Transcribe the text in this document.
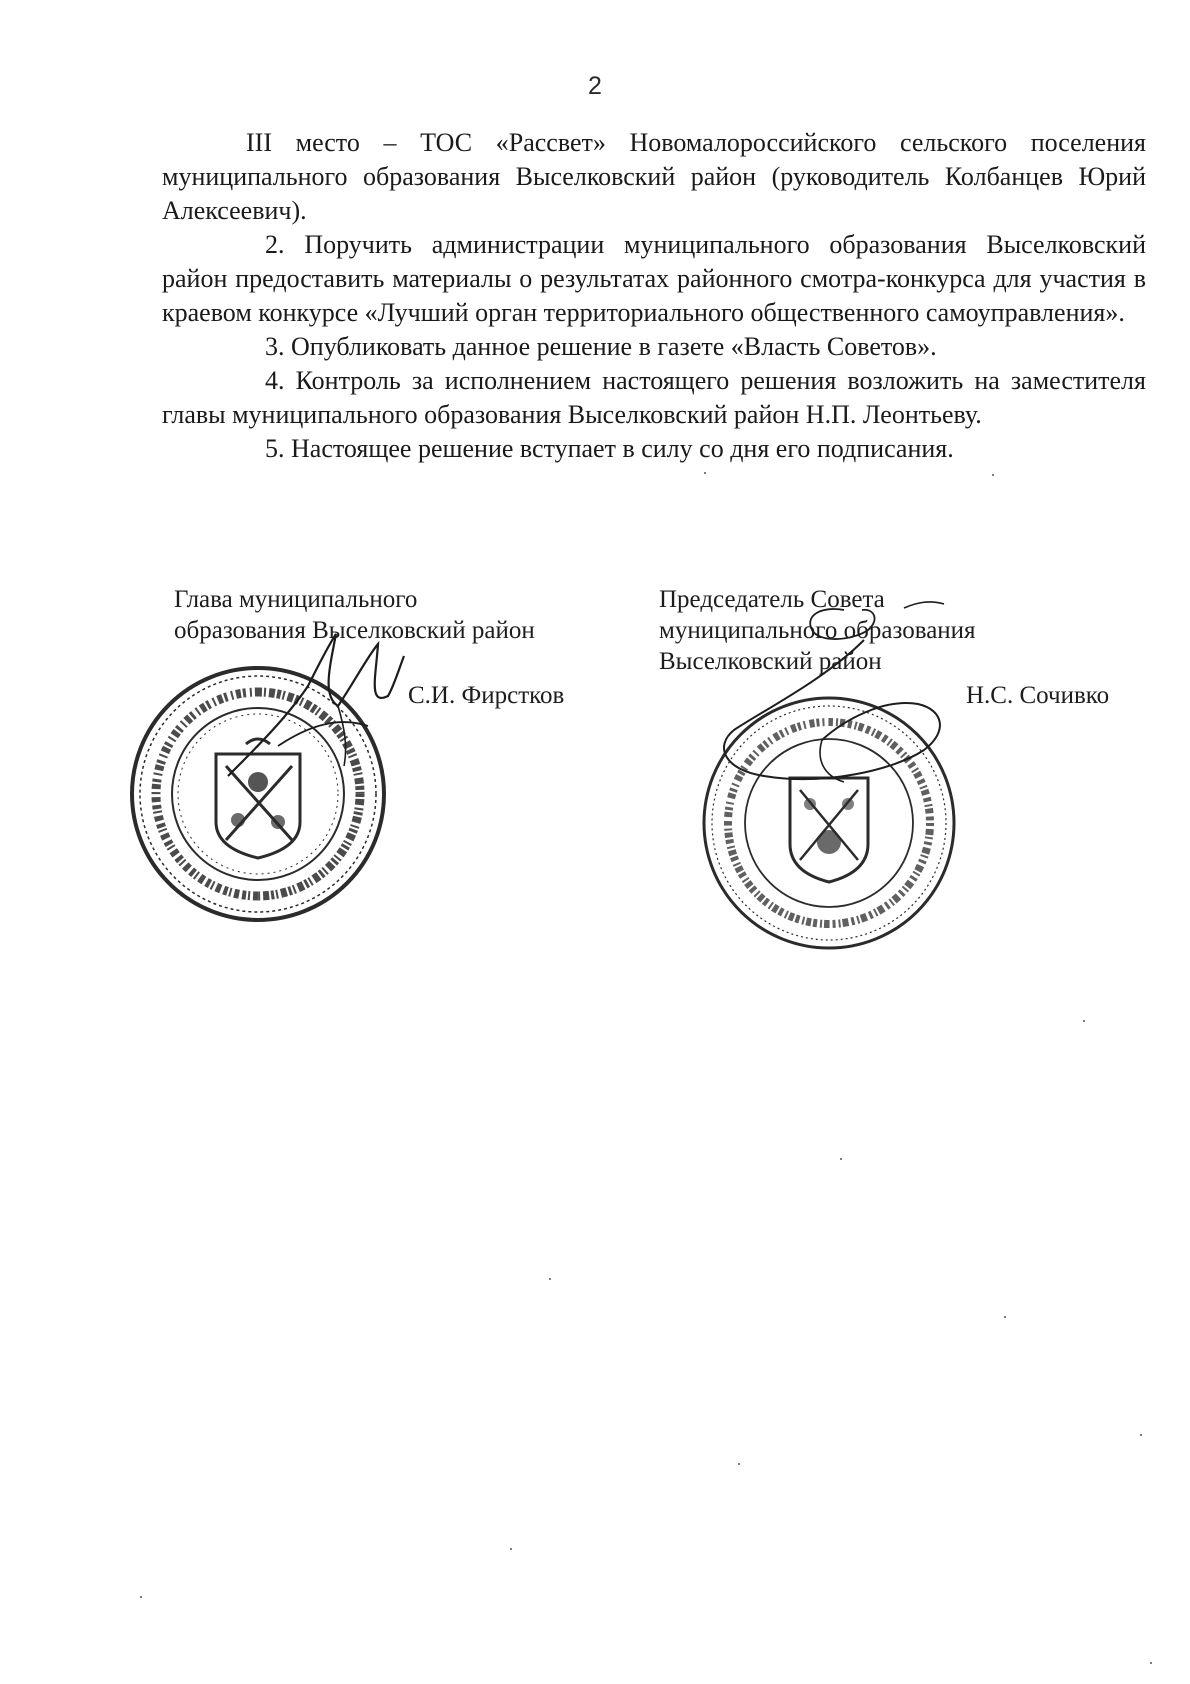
2

III место – ТОС «Рассвет» Новомалороссийского сельского поселения муниципального образования Выселковский район (руководитель Колбанцев Юрий Алексеевич).

2. Поручить администрации муниципального образования Выселковский район предоставить материалы о результатах районного смотра-конкурса для участия в краевом конкурсе «Лучший орган территориального общественного самоуправления».

3. Опубликовать данное решение в газете «Власть Советов».

4. Контроль за исполнением настоящего решения возложить на заместителя главы муниципального образования Выселковский район Н.П. Леонтьеву.

5. Настоящее решение вступает в силу со дня его подписания.

Глава муниципального
образования Выселковский район
С.И. Фирстков
Председатель Совета
муниципального образования
Выселковский район
Н.С. Сочивко
